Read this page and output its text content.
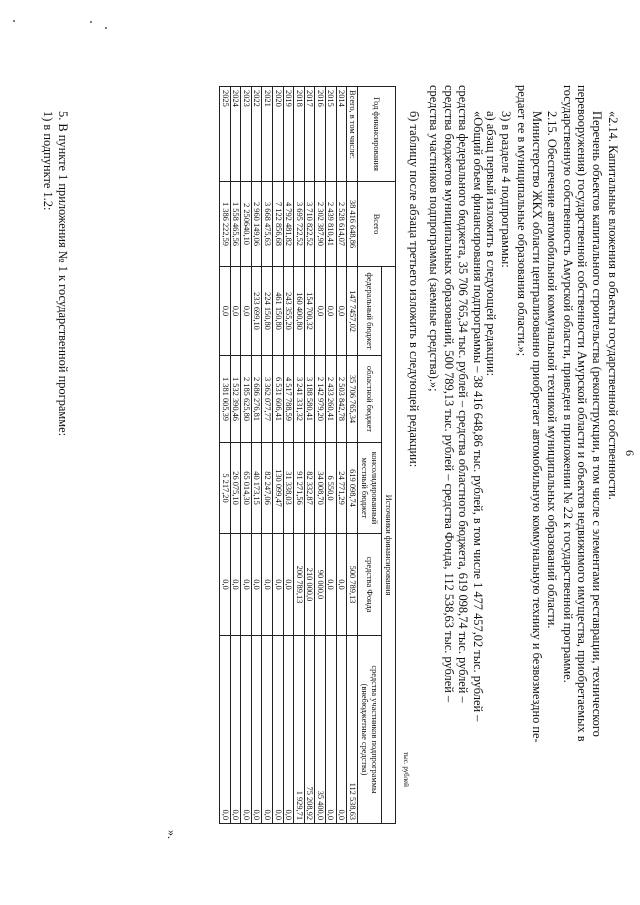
6
«2.14. Капитальные вложения в объекты государственной собственности.
Перечень объектов капитального строительства (реконструкции, в том числе с элементами реставрации, технического
перевооружения) государственной собственности Амурской области и объектов недвижимого имущества, приобретаемых в
государственную собственность Амурской области, приведен в приложении № 22 к государственной программе.
2.15. Обеспечение автомобильной коммунальной техникой муниципальных образований области.
Министерство ЖКХ области централизованно приобретает автомобильную коммунальную технику и безвозмездно пе-
редает ее в муниципальные образования области.»;
3) в разделе 4 подпрограммы:
а) абзац первый изложить в следующей редакции:
«Общий объем финансирования подпрограммы – 38 416 648,86 тыс. рублей, в том числе 1 477 457,02 тыс. рублей –
средства федерального бюджета, 35 706 765,34 тыс. рублей – средства областного бюджета, 619 098,74 тыс. рублей –
средства бюджетов муниципальных образований, 500 789,13 тыс. рублей – средства Фонда, 112 538,63 тыс. рублей –
средства участников подпрограммы (заемные средства).»;
б) таблицу после абзаца третьего изложить в следующей редакции:
тыс. рублей
Год финансирования	Всего	Источники финансирования				
		федеральный бюджет	областной бюджет	консолидированный местный бюджет	средства Фонда	средства участников подпрограммы (внебюджетные средства)
Всего, в том числе:	38 416 648,86	147 7457,02	35 706 765,34	619 098,74	500 789,13	112 538,63
2014	2 528 614,07	0,0	2 503 842,78	24 771,29	0,0	0,0
2015	2 439 810,41	0,0	2 433 260,41	6 550,0	0,0	0,0
2016	2 302 387,90	0,0	2 142 979,20	34 008,70	90 000,0	35 400,0
2017	3 710 822,52	154 700,32	3 188 580,41	82 332,87	210 000,0	75 208,92
2018	3 695 722,52	160 400,80	3 241 331,32	91 271,56	200 789,13	1 929,71
2019	4 792 481,82	243 355,20	4 517 788,59	31 338,03	0,0	0,0
2020	7 122 856,68	461 150,80	6 531 606,41	130 099,47	0,0	0,0
2021	3 668 475,63	224 150,80	3 362 077,77	82 247,06	0,0	0,0
2022	2 960 149,06	233 699,10	2 686 276,81	40 173,15	0,0	0,0
2023	2 250640,10	0,0	2 185 625,80	65 014,30	0,0	0,0
2024	1 558 465,56	0,0	1 532 390,46	26 075,10	0,0	0,0
2025	1 386 222,59	0,0	1 381 005,39	5 217,20	0,0	0,0
».
5. В пункте 1 приложения № 1 к государственной программе:
1) в подпункте 1.2:
